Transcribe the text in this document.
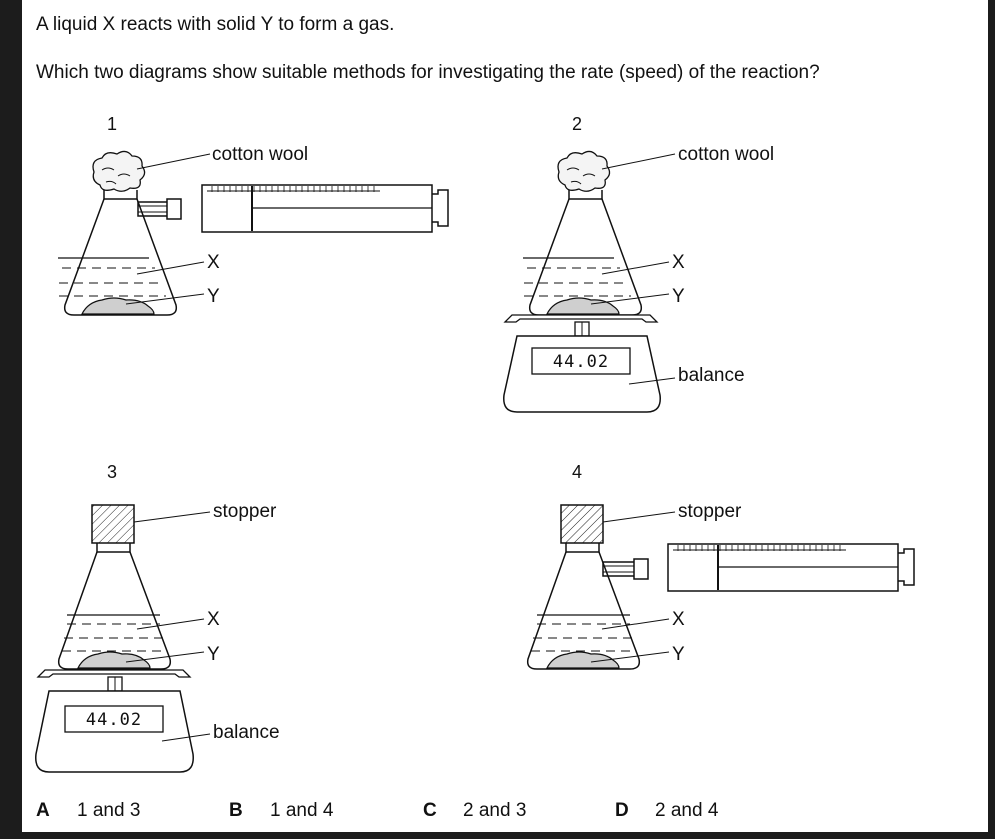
A liquid X reacts with solid Y to form a gas.
Which two diagrams show suitable methods for investigating the rate (speed) of the reaction?
1	2
3	4
cotton wool
X
Y
44.02
cotton wool
X
Y
balance
44.02
stopper
X
Y
balance
stopper
X
Y
A 1 and 3	B 1 and 4	C 2 and 3	D 2 and 4
